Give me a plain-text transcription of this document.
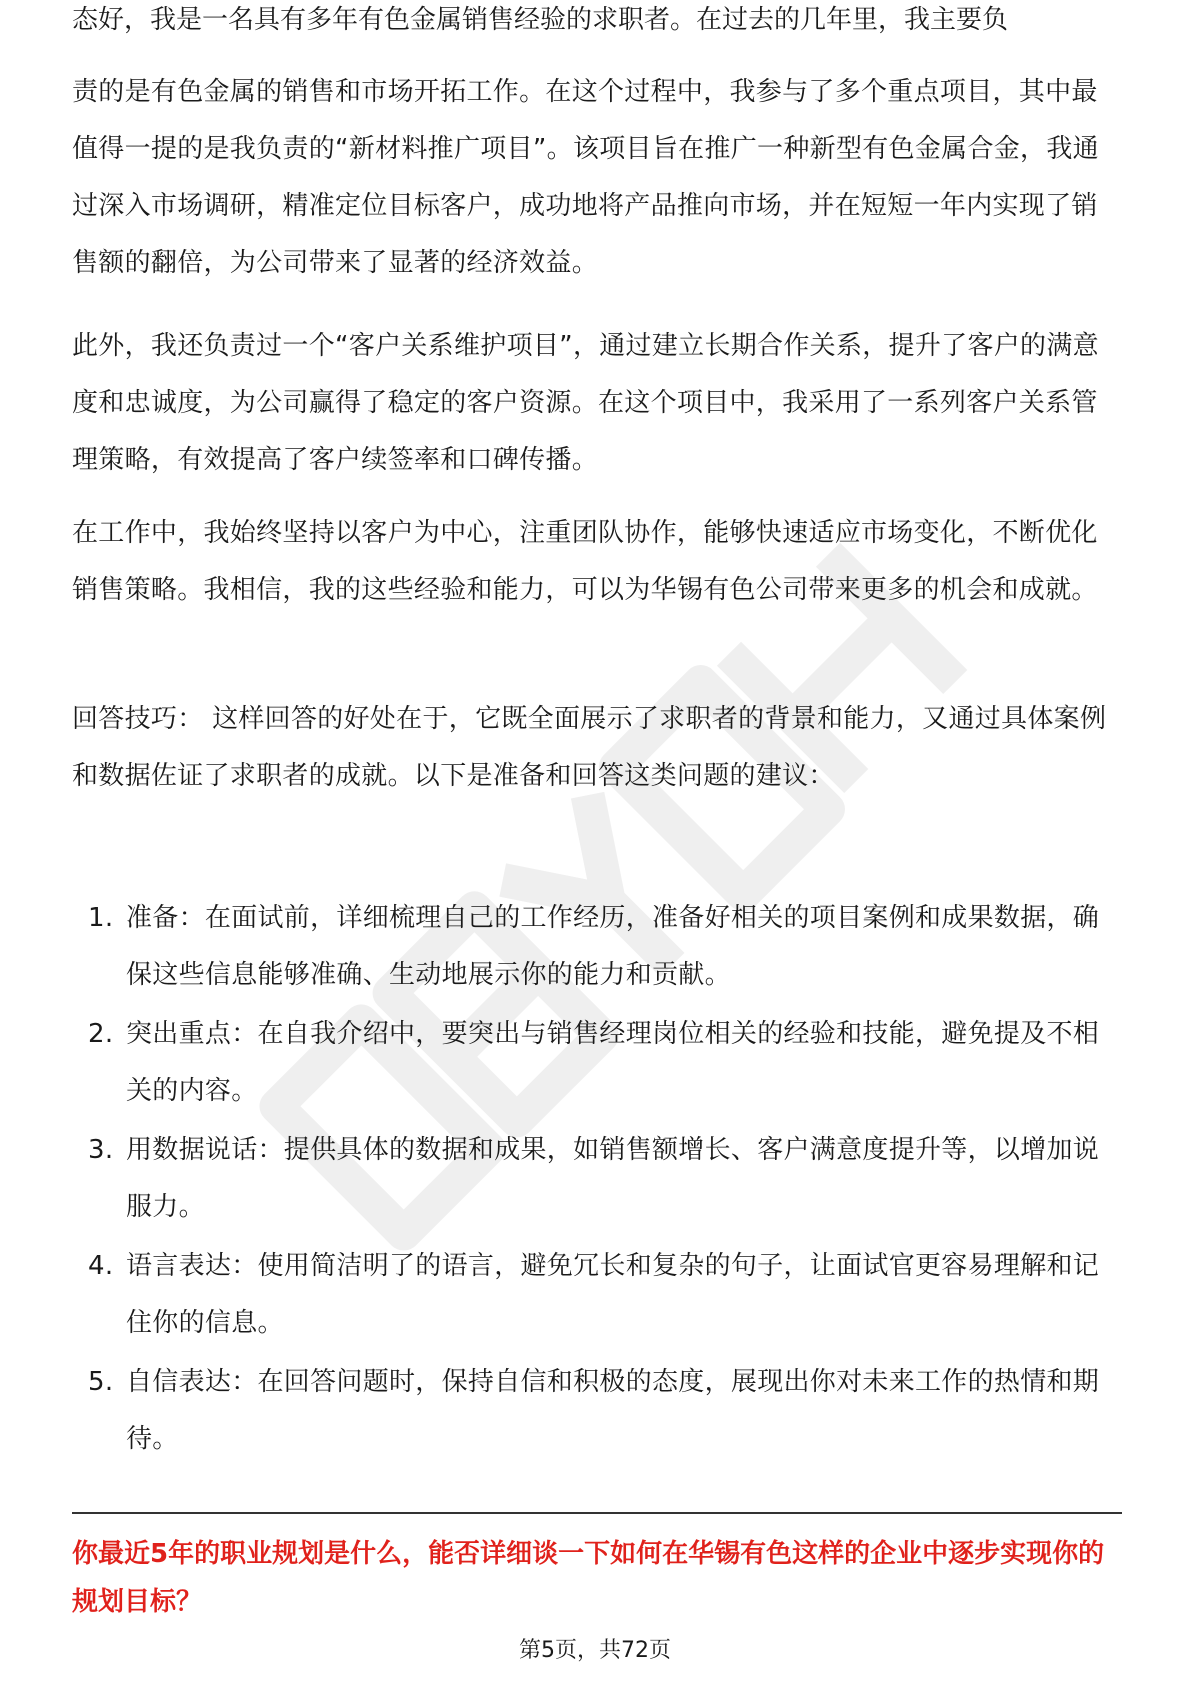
态好，我是一名具有多年有色金属销售经验的求职者。在过去的几年里，我主要负

责的是有色金属的销售和市场开拓工作。在这个过程中，我参与了多个重点项目，其中最值得一提的是我负责的“新材料推广项目”。该项目旨在推广一种新型有色金属合金，我通过深入市场调研，精准定位目标客户，成功地将产品推向市场，并在短短一年内实现了销售额的翻倍，为公司带来了显著的经济效益。

此外，我还负责过一个“客户关系维护项目”，通过建立长期合作关系，提升了客户的满意度和忠诚度，为公司赢得了稳定的客户资源。在这个项目中，我采用了一系列客户关系管理策略，有效提高了客户续签率和口碑传播。

在工作中，我始终坚持以客户为中心，注重团队协作，能够快速适应市场变化，不断优化销售策略。我相信，我的这些经验和能力，可以为华锡有色公司带来更多的机会和成就。

回答技巧： 这样回答的好处在于，它既全面展示了求职者的背景和能力，又通过具体案例和数据佐证了求职者的成就。以下是准备和回答这类问题的建议：

1. 准备：在面试前，详细梳理自己的工作经历，准备好相关的项目案例和成果数据，确保这些信息能够准确、生动地展示你的能力和贡献。
2. 突出重点：在自我介绍中，要突出与销售经理岗位相关的经验和技能，避免提及不相关的内容。
3. 用数据说话：提供具体的数据和成果，如销售额增长、客户满意度提升等，以增加说服力。
4. 语言表达：使用简洁明了的语言，避免冗长和复杂的句子，让面试官更容易理解和记住你的信息。
5. 自信表达：在回答问题时，保持自信和积极的态度，展现出你对未来工作的热情和期待。

你最近5年的职业规划是什么，能否详细谈一下如何在华锡有色这样的企业中逐步实现你的规划目标？

第5页，共72页
